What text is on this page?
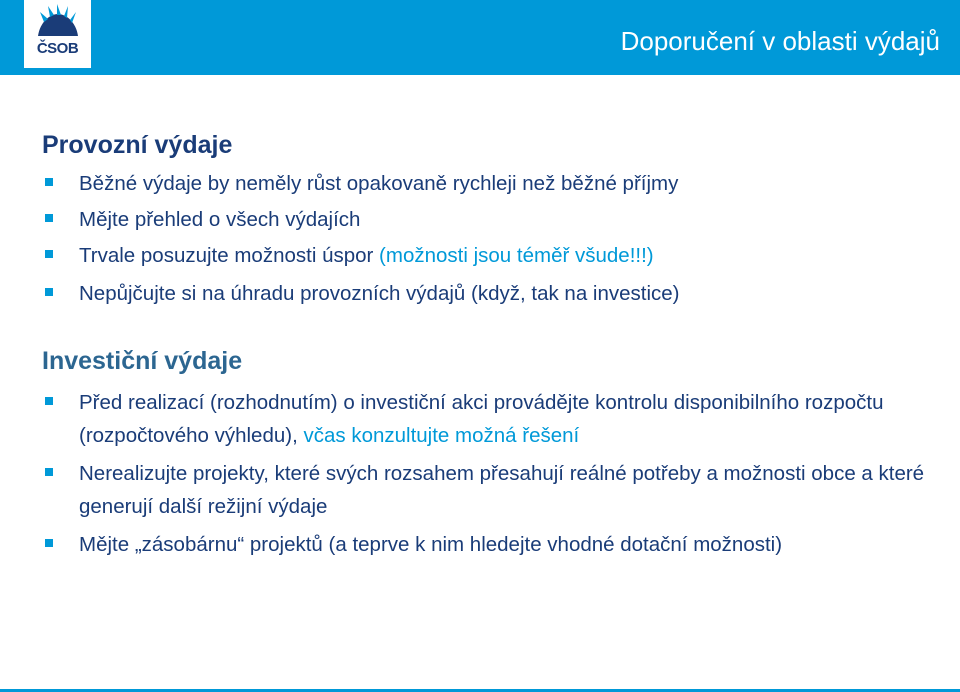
ČSOB	Doporučení v oblasti výdajů
Provozní výdaje
Běžné výdaje by neměly růst opakovaně rychleji než běžné příjmy
Mějte přehled o všech výdajích
Trvale posuzujte možnosti úspor (možnosti jsou téměř všude!!!)
Nepůjčujte si na úhradu provozních výdajů (když, tak na investice)
Investiční výdaje
Před realizací (rozhodnutím) o investiční akci provádějte kontrolu disponibilního rozpočtu (rozpočtového výhledu), včas konzultujte možná řešení
Nerealizujte projekty, které svých rozsahem přesahují reálné potřeby a možnosti obce a které generují další režijní výdaje
Mějte „zásobárnu“ projektů (a teprve k nim hledejte vhodné dotační možnosti)
